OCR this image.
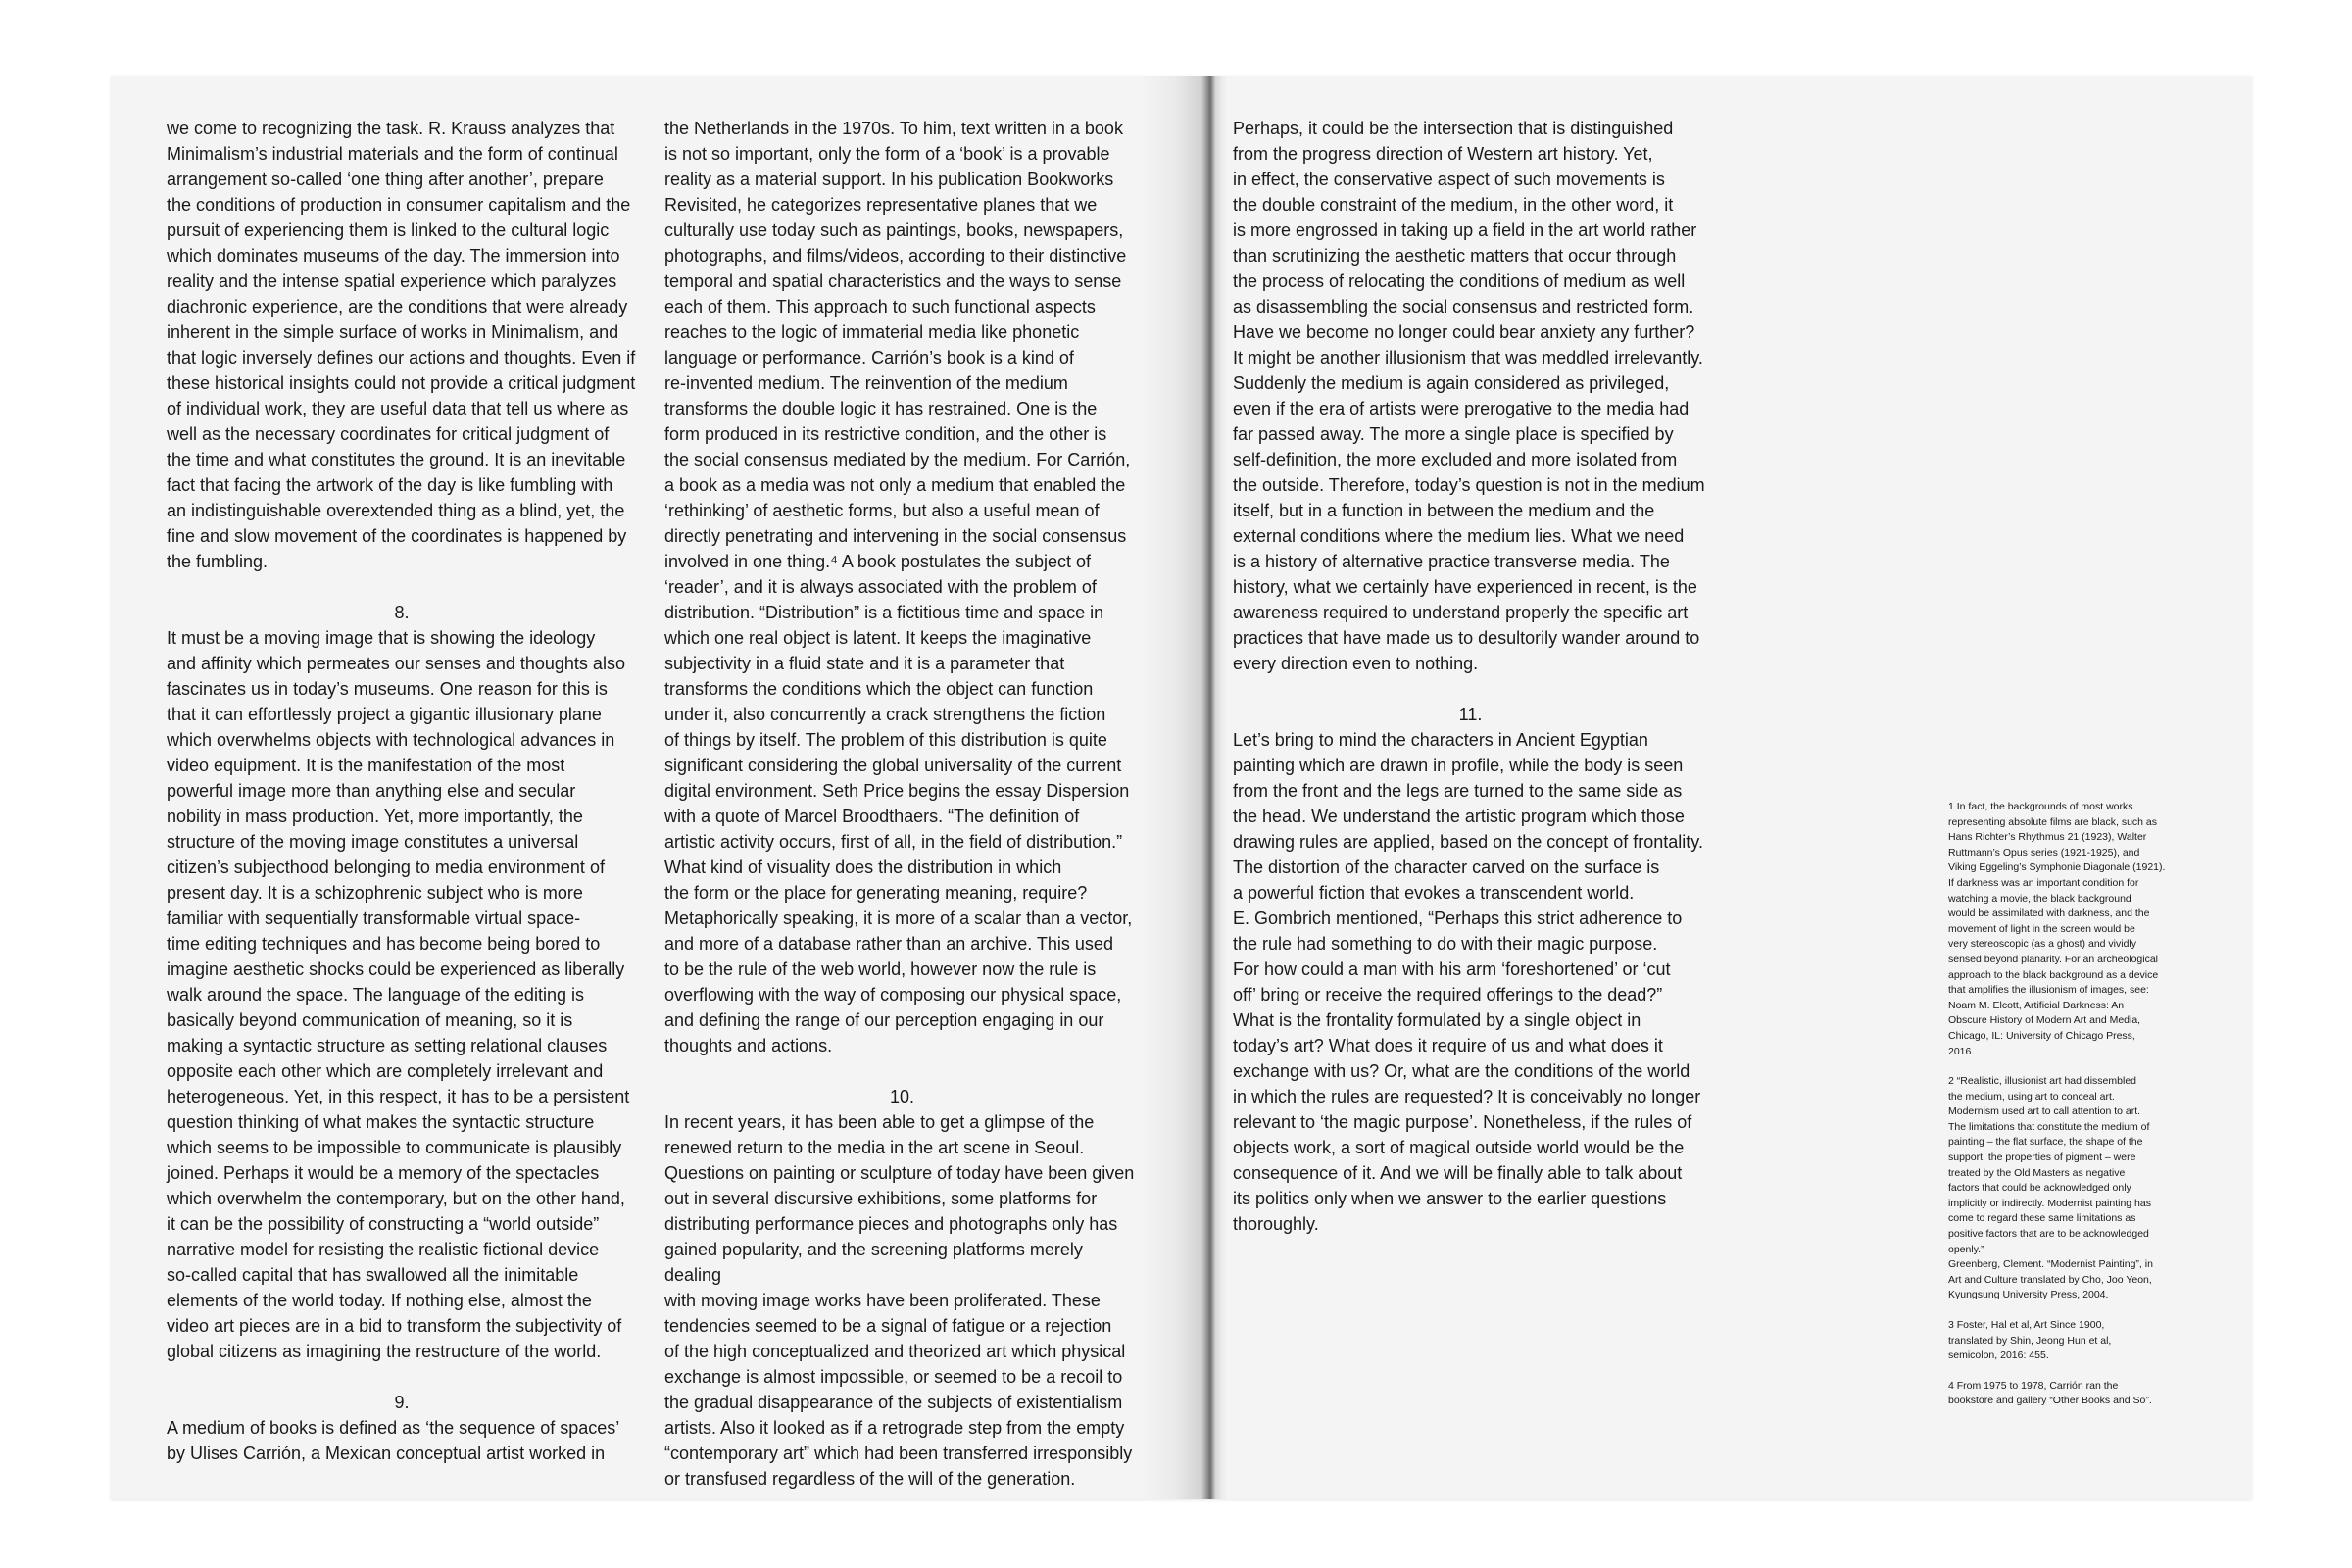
we come to recognizing the task. R. Krauss analyzes that
Minimalism’s industrial materials and the form of continual
arrangement so-called ‘one thing after another’, prepare
the conditions of production in consumer capitalism and the
pursuit of experiencing them is linked to the cultural logic
which dominates museums of the day. The immersion into
reality and the intense spatial experience which paralyzes
diachronic experience, are the conditions that were already
inherent in the simple surface of works in Minimalism, and
that logic inversely defines our actions and thoughts. Even if
these historical insights could not provide a critical judgment
of individual work, they are useful data that tell us where as
well as the necessary coordinates for critical judgment of
the time and what constitutes the ground. It is an inevitable
fact that facing the artwork of the day is like fumbling with
an indistinguishable overextended thing as a blind, yet, the
fine and slow movement of the coordinates is happened by
the fumbling.

8.

It must be a moving image that is showing the ideology
and affinity which permeates our senses and thoughts also
fascinates us in today’s museums. One reason for this is
that it can effortlessly project a gigantic illusionary plane
which overwhelms objects with technological advances in
video equipment. It is the manifestation of the most
powerful image more than anything else and secular
nobility in mass production. Yet, more importantly, the
structure of the moving image constitutes a universal
citizen’s subjecthood belonging to media environment of
present day. It is a schizophrenic subject who is more
familiar with sequentially transformable virtual space-
time editing techniques and has become being bored to
imagine aesthetic shocks could be experienced as liberally
walk around the space. The language of the editing is
basically beyond communication of meaning, so it is
making a syntactic structure as setting relational clauses
opposite each other which are completely irrelevant and
heterogeneous. Yet, in this respect, it has to be a persistent
question thinking of what makes the syntactic structure
which seems to be impossible to communicate is plausibly
joined. Perhaps it would be a memory of the spectacles
which overwhelm the contemporary, but on the other hand,
it can be the possibility of constructing a “world outside”
narrative model for resisting the realistic fictional device
so-called capital that has swallowed all the inimitable
elements of the world today. If nothing else, almost the
video art pieces are in a bid to transform the subjectivity of
global citizens as imagining the restructure of the world.

9.

A medium of books is defined as ‘the sequence of spaces’
by Ulises Carrión, a Mexican conceptual artist worked in

the Netherlands in the 1970s. To him, text written in a book
is not so important, only the form of a ‘book’ is a provable
reality as a material support. In his publication Bookworks
Revisited, he categorizes representative planes that we
culturally use today such as paintings, books, newspapers,
photographs, and films/videos, according to their distinctive
temporal and spatial characteristics and the ways to sense
each of them. This approach to such functional aspects
reaches to the logic of immaterial media like phonetic
language or performance. Carrión’s book is a kind of
re-invented medium. The reinvention of the medium
transforms the double logic it has restrained. One is the
form produced in its restrictive condition, and the other is
the social consensus mediated by the medium. For Carrión,
a book as a media was not only a medium that enabled the
‘rethinking’ of aesthetic forms, but also a useful mean of
directly penetrating and intervening in the social consensus
involved in one thing.⁴ A book postulates the subject of
‘reader’, and it is always associated with the problem of
distribution. “Distribution” is a fictitious time and space in
which one real object is latent. It keeps the imaginative
subjectivity in a fluid state and it is a parameter that
transforms the conditions which the object can function
under it, also concurrently a crack strengthens the fiction
of things by itself. The problem of this distribution is quite
significant considering the global universality of the current
digital environment. Seth Price begins the essay Dispersion
with a quote of Marcel Broodthaers. “The definition of
artistic activity occurs, first of all, in the field of distribution.”
What kind of visuality does the distribution in which
the form or the place for generating meaning, require?
Metaphorically speaking, it is more of a scalar than a vector,
and more of a database rather than an archive. This used
to be the rule of the web world, however now the rule is
overflowing with the way of composing our physical space,
and defining the range of our perception engaging in our
thoughts and actions.

10.

In recent years, it has been able to get a glimpse of the
renewed return to the media in the art scene in Seoul.
Questions on painting or sculpture of today have been given
out in several discursive exhibitions, some platforms for
distributing performance pieces and photographs only has
gained popularity, and the screening platforms merely dealing
with moving image works have been proliferated. These
tendencies seemed to be a signal of fatigue or a rejection
of the high conceptualized and theorized art which physical
exchange is almost impossible, or seemed to be a recoil to
the gradual disappearance of the subjects of existentialism
artists. Also it looked as if a retrograde step from the empty
“contemporary art” which had been transferred irresponsibly
or transfused regardless of the will of the generation.

Perhaps, it could be the intersection that is distinguished
from the progress direction of Western art history. Yet,
in effect, the conservative aspect of such movements is
the double constraint of the medium, in the other word, it
is more engrossed in taking up a field in the art world rather
than scrutinizing the aesthetic matters that occur through
the process of relocating the conditions of medium as well
as disassembling the social consensus and restricted form.
Have we become no longer could bear anxiety any further?
It might be another illusionism that was meddled irrelevantly.
Suddenly the medium is again considered as privileged,
even if the era of artists were prerogative to the media had
far passed away. The more a single place is specified by
self-definition, the more excluded and more isolated from
the outside. Therefore, today’s question is not in the medium
itself, but in a function in between the medium and the
external conditions where the medium lies. What we need
is a history of alternative practice transverse media. The
history, what we certainly have experienced in recent, is the
awareness required to understand properly the specific art
practices that have made us to desultorily wander around to
every direction even to nothing.

11.

Let’s bring to mind the characters in Ancient Egyptian
painting which are drawn in profile, while the body is seen
from the front and the legs are turned to the same side as
the head. We understand the artistic program which those
drawing rules are applied, based on the concept of frontality.
The distortion of the character carved on the surface is
a powerful fiction that evokes a transcendent world.
E. Gombrich mentioned, “Perhaps this strict adherence to
the rule had something to do with their magic purpose.
For how could a man with his arm ‘foreshortened’ or ‘cut
off’ bring or receive the required offerings to the dead?”
What is the frontality formulated by a single object in
today’s art? What does it require of us and what does it
exchange with us? Or, what are the conditions of the world
in which the rules are requested? It is conceivably no longer
relevant to ‘the magic purpose’. Nonetheless, if the rules of
objects work, a sort of magical outside world would be the
consequence of it. And we will be finally able to talk about
its politics only when we answer to the earlier questions
thoroughly.

1 In fact, the backgrounds of most works
representing absolute films are black, such as
Hans Richter’s Rhythmus 21 (1923), Walter
Ruttmann’s Opus series (1921-1925), and
Viking Eggeling’s Symphonie Diagonale (1921).
If darkness was an important condition for
watching a movie, the black background
would be assimilated with darkness, and the
movement of light in the screen would be
very stereoscopic (as a ghost) and vividly
sensed beyond planarity. For an archeological
approach to the black background as a device
that amplifies the illusionism of images, see:
Noam M. Elcott, Artificial Darkness: An
Obscure History of Modern Art and Media,
Chicago, IL: University of Chicago Press,
2016.

2 “Realistic, illusionist art had dissembled
the medium, using art to conceal art.
Modernism used art to call attention to art.
The limitations that constitute the medium of
painting – the flat surface, the shape of the
support, the properties of pigment – were
treated by the Old Masters as negative
factors that could be acknowledged only
implicitly or indirectly. Modernist painting has
come to regard these same limitations as
positive factors that are to be acknowledged
openly.”
Greenberg, Clement. “Modernist Painting”, in
Art and Culture translated by Cho, Joo Yeon,
Kyungsung University Press, 2004.

3 Foster, Hal et al, Art Since 1900,
translated by Shin, Jeong Hun et al,
semicolon, 2016: 455.

4 From 1975 to 1978, Carrión ran the
bookstore and gallery “Other Books and So”.
